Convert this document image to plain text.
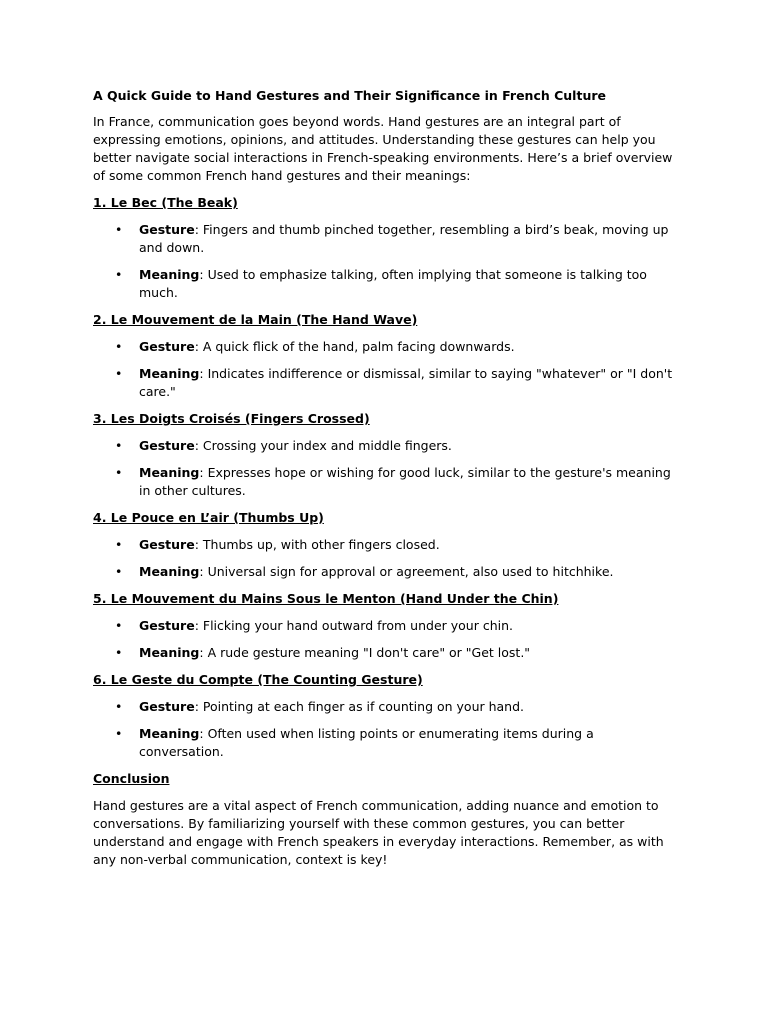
A Quick Guide to Hand Gestures and Their Significance in French Culture
In France, communication goes beyond words. Hand gestures are an integral part of expressing emotions, opinions, and attitudes. Understanding these gestures can help you better navigate social interactions in French-speaking environments. Here’s a brief overview of some common French hand gestures and their meanings:
1. Le Bec (The Beak)
• Gesture: Fingers and thumb pinched together, resembling a bird’s beak, moving up and down.
• Meaning: Used to emphasize talking, often implying that someone is talking too much.
2. Le Mouvement de la Main (The Hand Wave)
• Gesture: A quick flick of the hand, palm facing downwards.
• Meaning: Indicates indifference or dismissal, similar to saying "whatever" or "I don't care."
3. Les Doigts Croisés (Fingers Crossed)
• Gesture: Crossing your index and middle fingers.
• Meaning: Expresses hope or wishing for good luck, similar to the gesture's meaning in other cultures.
4. Le Pouce en L’air (Thumbs Up)
• Gesture: Thumbs up, with other fingers closed.
• Meaning: Universal sign for approval or agreement, also used to hitchhike.
5. Le Mouvement du Mains Sous le Menton (Hand Under the Chin)
• Gesture: Flicking your hand outward from under your chin.
• Meaning: A rude gesture meaning "I don't care" or "Get lost."
6. Le Geste du Compte (The Counting Gesture)
• Gesture: Pointing at each finger as if counting on your hand.
• Meaning: Often used when listing points or enumerating items during a conversation.
Conclusion
Hand gestures are a vital aspect of French communication, adding nuance and emotion to conversations. By familiarizing yourself with these common gestures, you can better understand and engage with French speakers in everyday interactions. Remember, as with any non-verbal communication, context is key!
